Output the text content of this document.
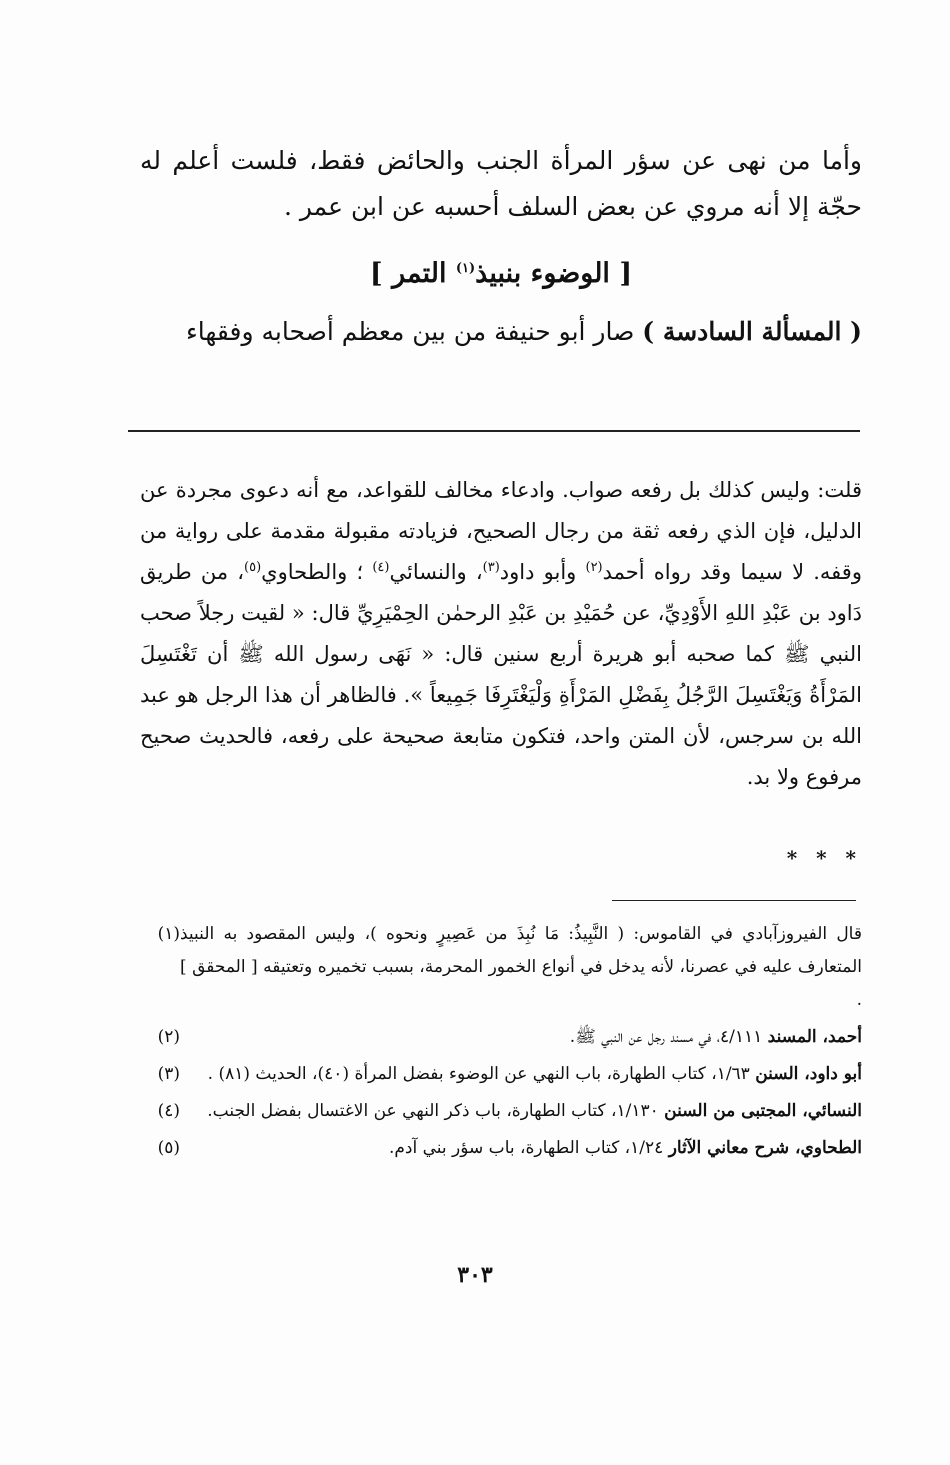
وأما من نهى عن سؤر المرأة الجنب والحائض فقط، فلست أعلم له حجّة إلا أنه مروي عن بعض السلف أحسبه عن ابن عمر .

[ الوضوء بنبيذ$^{(١)}$ التمر ]

( المسألة السادسة ) صار أبو حنيفة من بين معظم أصحابه وفقهاء

قلت: وليس كذلك بل رفعه صواب. وادعاء مخالف للقواعد، مع أنه دعوى مجردة عن الدليل، فإن الذي رفعه ثقة من رجال الصحيح، فزيادته مقبولة مقدمة على رواية من وقفه. لا سيما وقد رواه أحمد$^{(٢)}$ وأبو داود$^{(٣)}$، والنسائي$^{(٤)}$ ؛ والطحاوي$^{(٥)}$، من طريق دَاود بن عَبْدِ اللهِ الأَوْدِيِّ، عن حُمَيْدِ بن عَبْدِ الرحمٰن الحِمْيَرِيِّ قال: « لقيت رجلاً صحب النبي ﷺ كما صحبه أبو هريرة أربع سنين قال: « نَهَى رسول الله ﷺ أن تَغْتَسِلَ المَرْأَةُ وَيَغْتَسِلَ الرَّجُلُ بِفَضْلِ المَرْأَةِ وَلْيَغْتَرِفَا جَمِيعاً ». فالظاهر أن هذا الرجل هو عبد الله بن سرجس، لأن المتن واحد، فتكون متابعة صحيحة على رفعه، فالحديث صحيح مرفوع ولا بد.

* * *
(١) قال الفيروزآبادي في القاموس: ( النَّبِيذُ: مَا نُبِذَ من عَصِيرٍ ونحوه )، وليس المقصود به النبيذ المتعارف عليه في عصرنا، لأنه يدخل في أنواع الخمور المحرمة، بسبب تخميره وتعتيقه [ المحقق ] .
(٢)	أحمد، المسند ٤/١١١، في مسند رجل عن النبي ﷺ.
(٣)	أبو داود، السنن ١/٦٣، كتاب الطهارة، باب النهي عن الوضوء بفضل المرأة (٤٠)، الحديث (٨١) .
(٤)	النسائي، المجتبى من السنن ١/١٣٠، كتاب الطهارة، باب ذكر النهي عن الاغتسال بفضل الجنب.
(٥)	الطحاوي، شرح معاني الآثار ١/٢٤، كتاب الطهارة، باب سؤر بني آدم.
٣٠٣
